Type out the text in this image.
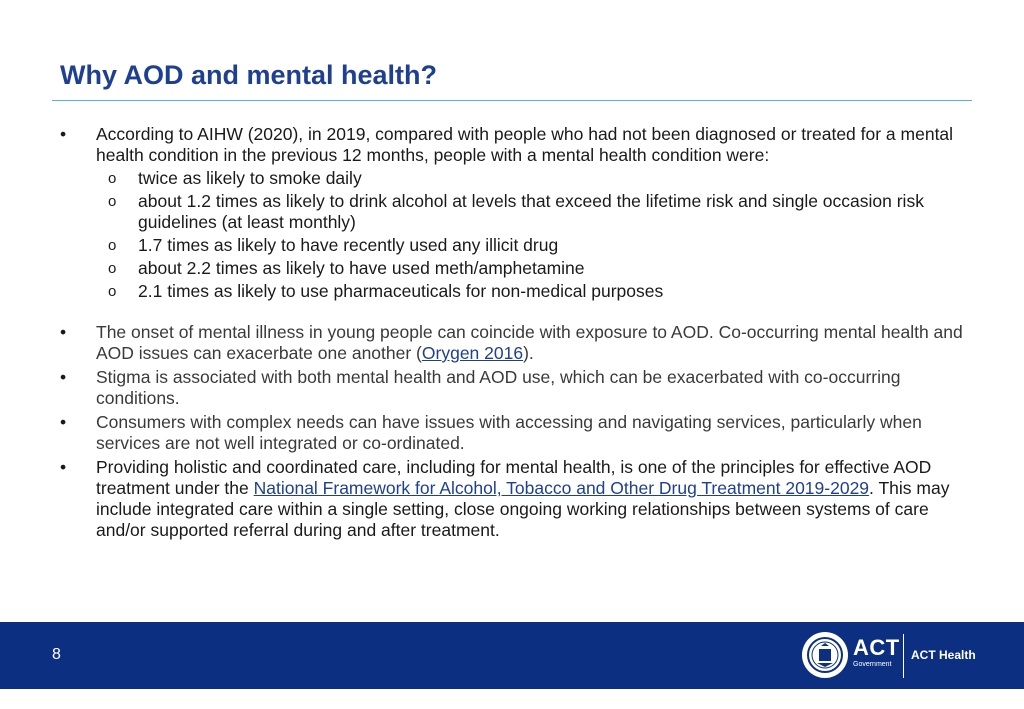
Why AOD and mental health?
•	According to AIHW (2020), in 2019, compared with people who had not been diagnosed or treated for a mental health condition in the previous 12 months, people with a mental health condition were:
o	twice as likely to smoke daily
o	about 1.2 times as likely to drink alcohol at levels that exceed the lifetime risk and single occasion risk guidelines (at least monthly)
o	1.7 times as likely to have recently used any illicit drug
o	about 2.2 times as likely to have used meth/amphetamine
o	2.1 times as likely to use pharmaceuticals for non-medical purposes
•	The onset of mental illness in young people can coincide with exposure to AOD. Co-occurring mental health and AOD issues can exacerbate one another (Orygen 2016).
•	Stigma is associated with both mental health and AOD use, which can be exacerbated with co-occurring conditions.
•	Consumers with complex needs can have issues with accessing and navigating services, particularly when services are not well integrated or co-ordinated.
•	Providing holistic and coordinated care, including for mental health, is one of the principles for effective AOD treatment under the National Framework for Alcohol, Tobacco and Other Drug Treatment 2019-2029. This may include integrated care within a single setting, close ongoing working relationships between systems of care and/or supported referral during and after treatment.
8	ACT
Government
ACT Health
